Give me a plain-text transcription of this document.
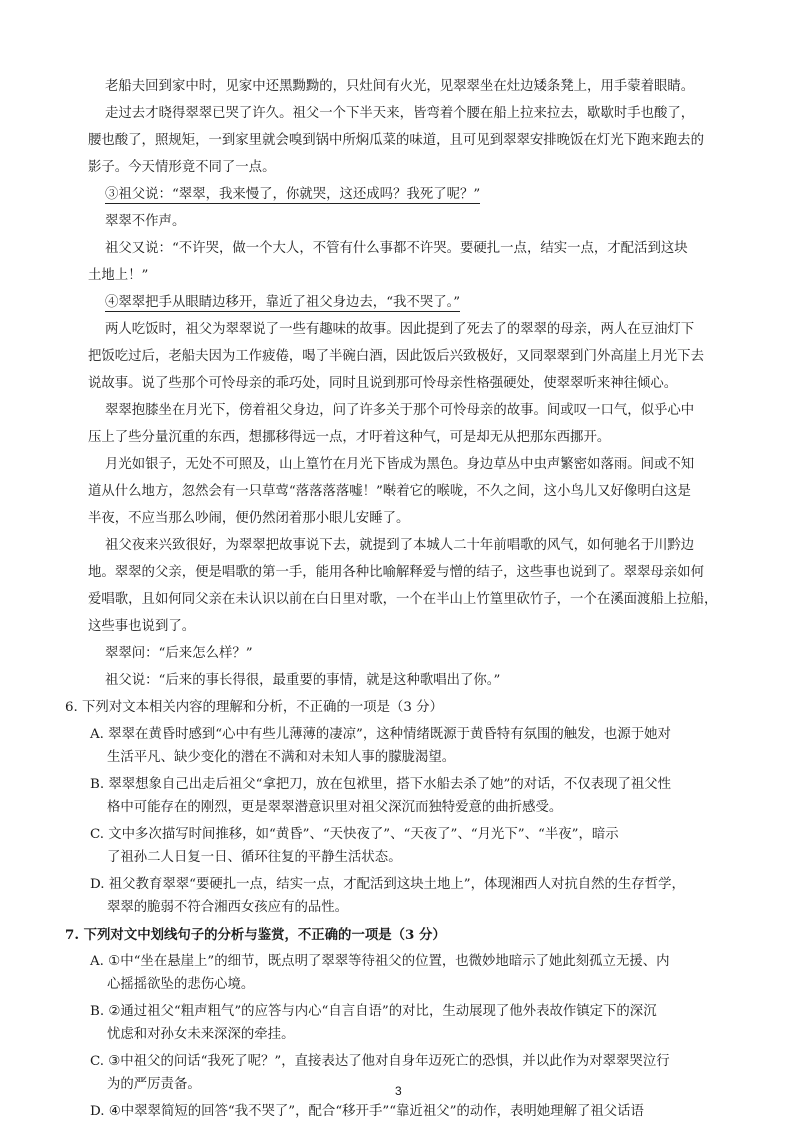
老船夫回到家中时，见家中还黑黝黝的，只灶间有火光，见翠翠坐在灶边矮条凳上，用手蒙着眼睛。
走过去才晓得翠翠已哭了许久。祖父一个下半天来，皆弯着个腰在船上拉来拉去，歇歇时手也酸了，
腰也酸了，照规矩，一到家里就会嗅到锅中所焖瓜菜的味道，且可见到翠翠安排晚饭在灯光下跑来跑去的
影子。今天情形竟不同了一点。
③祖父说：“翠翠，我来慢了，你就哭，这还成吗？我死了呢？”
翠翠不作声。
祖父又说：“不许哭，做一个大人，不管有什么事都不许哭。要硬扎一点，结实一点，才配活到这块
土地上！”
④翠翠把手从眼睛边移开，靠近了祖父身边去，“我不哭了。”
两人吃饭时，祖父为翠翠说了一些有趣味的故事。因此提到了死去了的翠翠的母亲，两人在豆油灯下
把饭吃过后，老船夫因为工作疲倦，喝了半碗白酒，因此饭后兴致极好，又同翠翠到门外高崖上月光下去
说故事。说了些那个可怜母亲的乖巧处，同时且说到那可怜母亲性格强硬处，使翠翠听来神往倾心。
翠翠抱膝坐在月光下，傍着祖父身边，问了许多关于那个可怜母亲的故事。间或叹一口气，似乎心中
压上了些分量沉重的东西，想挪移得远一点，才吁着这种气，可是却无从把那东西挪开。
月光如银子，无处不可照及，山上篁竹在月光下皆成为黑色。身边草丛中虫声繁密如落雨。间或不知
道从什么地方，忽然会有一只草莺“落落落落嘘！”啭着它的喉咙，不久之间，这小鸟儿又好像明白这是
半夜，不应当那么吵闹，便仍然闭着那小眼儿安睡了。
祖父夜来兴致很好，为翠翠把故事说下去，就提到了本城人二十年前唱歌的风气，如何驰名于川黔边
地。翠翠的父亲，便是唱歌的第一手，能用各种比喻解释爱与憎的结子，这些事也说到了。翠翠母亲如何
爱唱歌，且如何同父亲在未认识以前在白日里对歌，一个在半山上竹篁里砍竹子，一个在溪面渡船上拉船，
这些事也说到了。
翠翠问：“后来怎么样？”
祖父说：“后来的事长得很，最重要的事情，就是这种歌唱出了你。”
6. 下列对文本相关内容的理解和分析，不正确的一项是（3 分）
A. 翠翠在黄昏时感到“心中有些儿薄薄的凄凉”，这种情绪既源于黄昏特有氛围的触发，也源于她对
生活平凡、缺少变化的潜在不满和对未知人事的朦胧渴望。
B. 翠翠想象自己出走后祖父“拿把刀，放在包袱里，搭下水船去杀了她”的对话，不仅表现了祖父性
格中可能存在的刚烈，更是翠翠潜意识里对祖父深沉而独特爱意的曲折感受。
C. 文中多次描写时间推移，如“黄昏”、“天快夜了”、“天夜了”、“月光下”、“半夜”，暗示
了祖孙二人日复一日、循环往复的平静生活状态。
D. 祖父教育翠翠“要硬扎一点，结实一点，才配活到这块土地上”，体现湘西人对抗自然的生存哲学，
翠翠的脆弱不符合湘西女孩应有的品性。
7. 下列对文中划线句子的分析与鉴赏，不正确的一项是（3 分）
A. ①中“坐在悬崖上”的细节，既点明了翠翠等待祖父的位置，也微妙地暗示了她此刻孤立无援、内
心摇摇欲坠的悲伤心境。
B. ②通过祖父“粗声粗气”的应答与内心“自言自语”的对比，生动展现了他外表故作镇定下的深沉
忧虑和对孙女未来深深的牵挂。
C. ③中祖父的问话“我死了呢？”，直接表达了他对自身年迈死亡的恐惧，并以此作为对翠翠哭泣行
为的严厉责备。
D. ④中翠翠简短的回答“我不哭了”，配合“移开手”“靠近祖父”的动作，表明她理解了祖父话语
3
